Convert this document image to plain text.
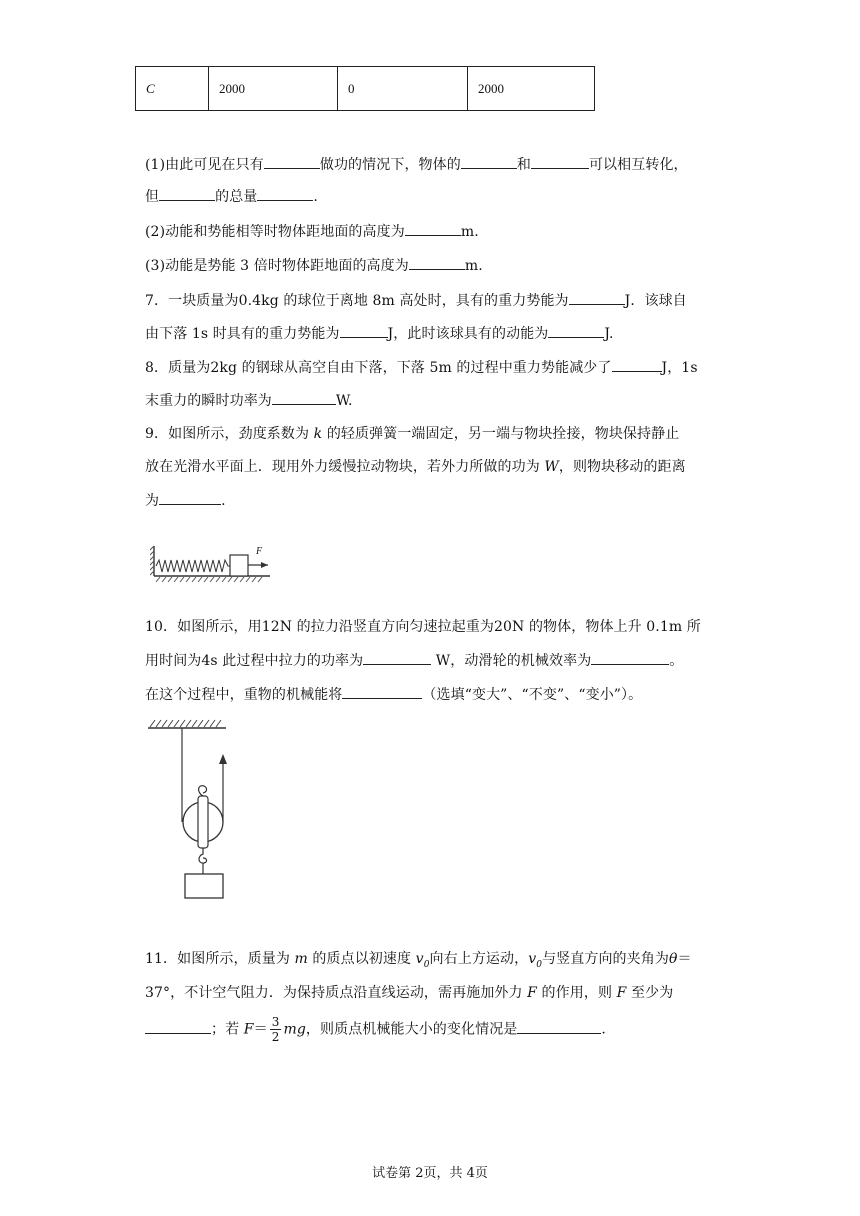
C	2000	0	2000
(1)由此可见在只有	做功的情况下，物体的	和	可以相互转化，
但	的总量	.
(2)动能和势能相等时物体距地面的高度为	m.
(3)动能是势能 3 倍时物体距地面的高度为	m.
7．一块质量为0.4kg 的球位于离地 8m 高处时，具有的重力势能为	J．该球自
由下落 1s 时具有的重力势能为	J，此时该球具有的动能为	J.
8．质量为2kg 的钢球从高空自由下落，下落 5m 的过程中重力势能减少了	J，1s
末重力的瞬时功率为	W.
9．如图所示，劲度系数为 k 的轻质弹簧一端固定，另一端与物块拴接，物块保持静止
放在光滑水平面上．现用外力缓慢拉动物块，若外力所做的功为 W，则物块移动的距离
为	.
F
10．如图所示，用12N 的拉力沿竖直方向匀速拉起重为20N 的物体，物体上升 0.1m 所
用时间为4s 此过程中拉力的功率为	W，动滑轮的机械效率为	。
在这个过程中，重物的机械能将	（选填“变大”、“不变”、“变小”）。
11．如图所示，质量为 m 的质点以初速度 $v_0$向右上方运动，$v_0$与竖直方向的夹角为θ＝
37°，不计空气阻力．为保持质点沿直线运动，需再施加外力 F 的作用，则 F 至少为
；若 $F= \frac{3}{2}$ mg，则质点机械能大小的变化情况是	.
试卷第 2页，共 4页
